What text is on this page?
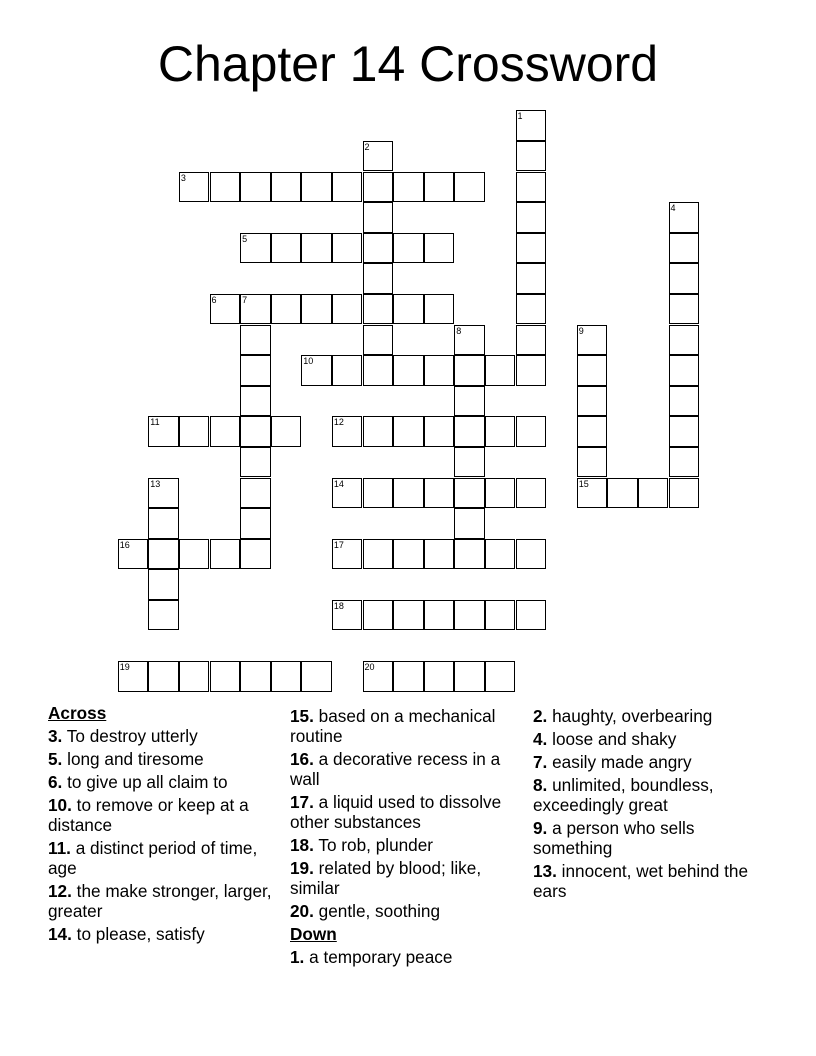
Chapter 14 Crossword
1
2
3
4
5
6	7
8	9
15
10
11	12
13	14
16	17
18
19	20
Across
3. To destroy utterly
5. long and tiresome
6. to give up all claim to
10. to remove or keep at a distance
11. a distinct period of time, age
12. the make stronger, larger, greater
14. to please, satisfy
15. based on a mechanical routine
16. a decorative recess in a wall
17. a liquid used to dissolve other substances
18. To rob, plunder
19. related by blood; like, similar
20. gentle, soothing
Down
1. a temporary peace
2. haughty, overbearing
4. loose and shaky
7. easily made angry
8. unlimited, boundless, exceedingly great
9. a person who sells something
13. innocent, wet behind the ears
